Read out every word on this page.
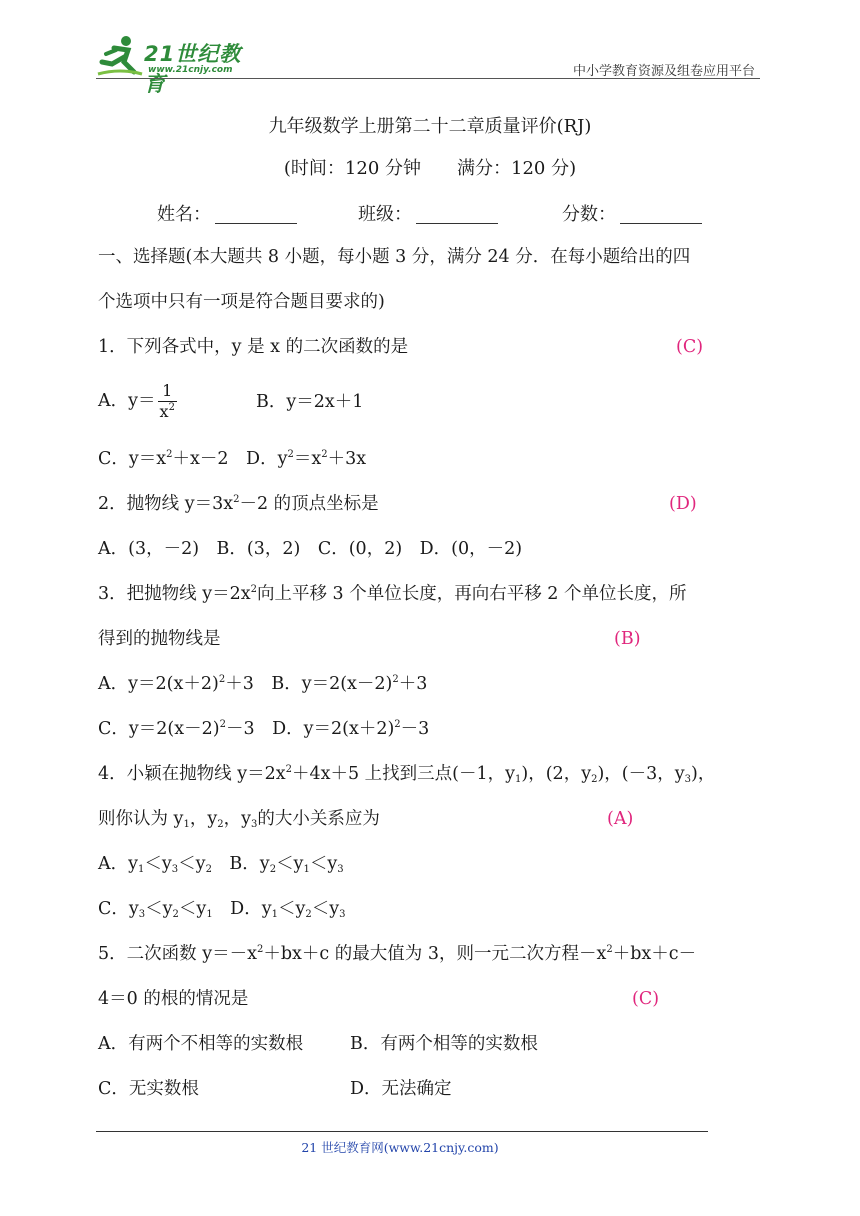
21世纪教育
www.21cnjy.com	中小学教育资源及组卷应用平台
九年级数学上册第二十二章质量评价(RJ)
(时间：120 分钟　　满分：120 分)
姓名：	班级：	分数：
一、选择题(本大题共 8 小题，每小题 3 分，满分 24 分．在每小题给出的四
个选项中只有一项是符合题目要求的)
1．下列各式中，y 是 x 的二次函数的是	(C)
A．$y= \frac{1}{x^2}$	B．y＝2x＋1
C．$y=x^2+x-2$　D．$y^2=x^2+3x$
2．抛物线 $y=3x^2-2$ 的顶点坐标是	(D)
A．(3，－2)　B．(3，2)　C．(0，2)　D．(0，－2)
3．把抛物线 $y=2x^2$向上平移 3 个单位长度，再向右平移 2 个单位长度，所
得到的抛物线是	(B)
A．$y=2(x+2)^2+3$　B．$y=2(x-2)^2+3$
C．$y=2(x-2)^2-3$　D．$y=2(x+2)^2-3$
4．小颖在抛物线 $y=2x^2+4x+5$ 上找到三点(－1，$y_1$)，(2，$y_2$)，(－3，$y_3$)，
则你认为 $y_1$，$y_2$，$y_3$的大小关系应为	(A)
A．$y_1<y_3<y_2$　B．$y_2<y_1<y_3$
C．$y_3<y_2<y_1$　D．$y_1<y_2<y_3$
5．二次函数 $y=-x^2+bx+c$ 的最大值为 3，则一元二次方程$-x^2+bx+c-$
4＝0 的根的情况是	(C)
A．有两个不相等的实数根	B．有两个相等的实数根
C．无实数根	D．无法确定
21 世纪教育网(www.21cnjy.com)
